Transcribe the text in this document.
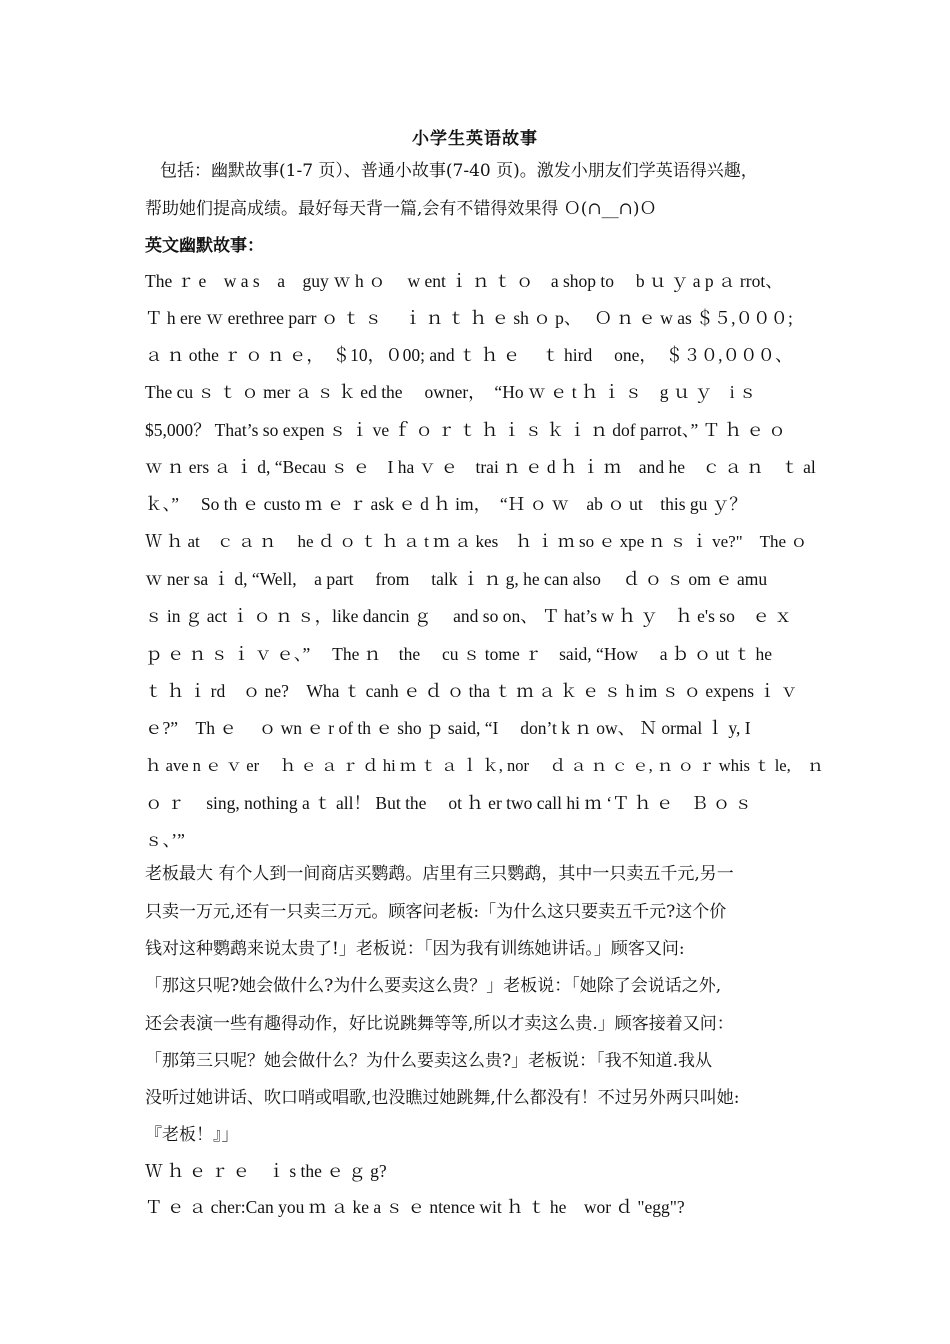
小学生英语故事
包括：幽默故事(1-7 页）、普通小故事(7-40 页)。激发小朋友们学英语得兴趣，
帮助她们提高成绩。最好每天背一篇,会有不错得效果得 Ｏ(∩__∩)Ｏ
英文幽默故事：
The ｒ e　w a s　a　guy ｗ h ｏ　 w ent ｉ ｎ ｔ ｏ　a shop to　 b ｕ ｙ a p ａ rrot、
Ｔ h ere ｗ erethree parr ｏ ｔ ｓ　 ｉ ｎ ｔ ｈ ｅ sh ｏ p、　 Ｏ ｎ ｅ w as ＄５,０００;
ａ ｎ othe ｒ ｏ ｎ ｅ，　＄10，０00; and ｔ ｈ ｅ　 ｔ hird　 one，　＄３０,０００、
The cu ｓ ｔ ｏ mer ａ ｓ ｋ ed the　 owner，　“Ho ｗ ｅ t ｈ ｉ ｓ　g ｕ ｙ　i ｓ
$5,000？ That’s so expen ｓ ｉ ve ｆ ｏ ｒ ｔ ｈ ｉ ｓ ｋ ｉ ｎ dof parrot、” Ｔ ｈ ｅ ｏ
ｗ ｎ ers ａ ｉ d, “Becau ｓ ｅ　I ha ｖ ｅ　trai ｎ ｅ d ｈ ｉ ｍ　and he　ｃ ａ ｎ　ｔ al
ｋ、”　 So th ｅ custo ｍ ｅ ｒ ask ｅ d ｈ im，　“Ｈ ｏ ｗ　ab ｏ ut　this gu ｙ？
Ｗ ｈ at　ｃ ａ ｎ　 he ｄ ｏ ｔ ｈ ａ t ｍ ａ kes　ｈ ｉ ｍ so ｅ xpe ｎ ｓ ｉ ve?"　The ｏ
ｗ ner sa ｉ d, “Well,　a part　 from　 talk ｉ ｎ g, he can also　 ｄ ｏ ｓ om ｅ amu
ｓ in ｇ act ｉ ｏ ｎ ｓ，like dancin ｇ　 and so on、 Ｔ hat’s w ｈ ｙ　ｈ e's so　ｅ ｘ
ｐ ｅ ｎ ｓ ｉ ｖ ｅ、”　 The ｎ　the　 cu ｓ tome ｒ　said, “How　 a ｂ ｏ ut ｔ he
ｔ ｈ ｉ rd　ｏ ne?　Wha ｔ canh ｅ ｄ ｏ tha ｔ ｍ ａ ｋ ｅ ｓ h im ｓ ｏ expens ｉ ｖ
ｅ?”　Th ｅ　 ｏ wn ｅ r of th ｅ sho ｐ said, “I　 don’t k ｎ ow、 Ｎ ormal ｌ y, I
ｈ ave n ｅ ｖ er　 ｈ ｅ ａ ｒ ｄ hi ｍ ｔ ａ ｌ ｋ, nor　 ｄ ａ ｎ ｃ ｅ, ｎ ｏ ｒ whis ｔ le,　ｎ
ｏ ｒ　 sing, nothing a ｔ all！ But the　 ot ｈ er two call hi ｍ ‘Ｔ ｈ ｅ　Ｂ ｏ ｓ
ｓ、’”
老板最大 有个人到一间商店买鹦鹉。店里有三只鹦鹉，其中一只卖五千元,另一
只卖一万元,还有一只卖三万元。顾客问老板:「为什么这只要卖五千元?这个价
钱对这种鹦鹉来说太贵了!」老板说：「因为我有训练她讲话。」顾客又问:
「那这只呢?她会做什么?为什么要卖这么贵？」老板说：「她除了会说话之外,
还会表演一些有趣得动作，好比说跳舞等等,所以才卖这么贵.」顾客接着又问：
「那第三只呢？她会做什么？为什么要卖这么贵?」老板说：「我不知道.我从
没听过她讲话、吹口哨或唱歌,也没瞧过她跳舞,什么都没有！不过另外两只叫她:
『老板！』」
Ｗ ｈ ｅ ｒ ｅ　ｉ s the ｅ ｇ g?
Ｔ ｅ ａ cher:Can you ｍ ａ ke a ｓ ｅ ntence wit ｈ ｔ he　wor ｄ "egg"?
